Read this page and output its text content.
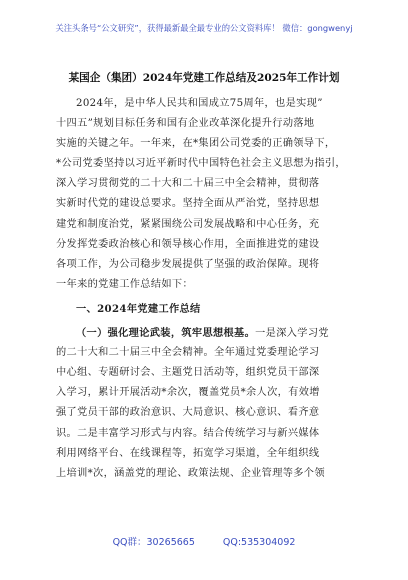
关注头条号“公文研究”，获得最新最全最专业的公文资料库！ 微信：gongwenyj
某国企（集团）2024年党建工作总结及2025年工作计划
2024年，是中华人民共和国成立75周年，也是实现”
十四五”规划目标任务和国有企业改革深化提升行动落地
实施的关键之年。一年来，在*集团公司党委的正确领导下，
*公司党委坚持以习近平新时代中国特色社会主义思想为指引，
深入学习贯彻党的二十大和二十届三中全会精神，贯彻落
实新时代党的建设总要求。坚持全面从严治党，坚持思想
建党和制度治党，紧紧围绕公司发展战略和中心任务，充
分发挥党委政治核心和领导核心作用，全面推进党的建设
各项工作，为公司稳步发展提供了坚强的政治保障。现将
一年来的党建工作总结如下：
一、2024年党建工作总结
（一）强化理论武装，筑牢思想根基。一是深入学习党
的二十大和二十届三中全会精神。全年通过党委理论学习
中心组、专题研讨会、主题党日活动等，组织党员干部深
入学习，累计开展活动*余次，覆盖党员*余人次，有效增
强了党员干部的政治意识、大局意识、核心意识、看齐意
识。二是丰富学习形式与内容。结合传统学习与新兴媒体
利用网络平台、在线课程等，拓宽学习渠道，全年组织线
上培训*次，涵盖党的理论、政策法规、企业管理等多个领
QQ群：30265665	QQ:535304092
